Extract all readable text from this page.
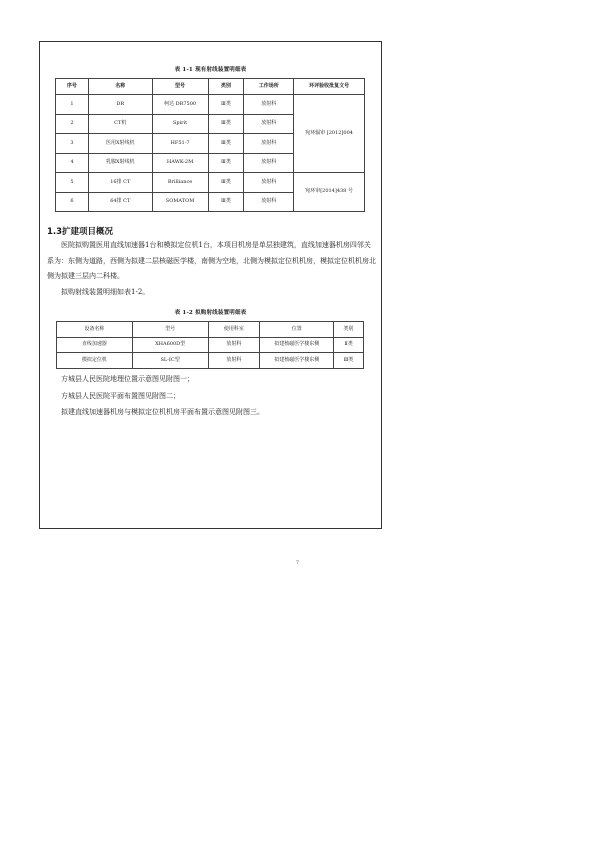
表 1-1 现有射线装置明细表
序号	名称	型号	类别	工作场所	环评验收批复文号
1	DR	柯达 DR7500	Ⅲ类	放射科	宛环辐审 [2012]004
2	CT机	Spirit	Ⅲ类	放射科	
3	医用X射线机	HF51-7	Ⅲ类	放射科	
4	乳腺X射线机	HAWK-2M	Ⅲ类	放射科	
5	16排 CT	Brilliance	Ⅲ类	放射科	宛环审[2014]438 号
6	64排 CT	SOMATOM	Ⅲ类	放射科	
1.3扩建项目概况
医院拟购置医用直线加速器1台和模拟定位机1台，本项目机房是单层独建筑，直线加速器机房四邻关系为：东侧为道路，西侧为拟建二层核磁医学楼，南侧为空地，北侧为模拟定位机机房，模拟定位机机房北侧为拟建三层内二科楼。
拟购射线装置明细如表1-2。
表 1-2 拟购射线装置明细表
设备名称	型号	使用科室	位置	类别
直线加速器	XHA600D型	放射科	拟建核磁医学楼东侧	Ⅱ类
模拟定位机	SL-IC型	放射科	拟建核磁医学楼东侧	Ⅲ类
方城县人民医院地理位置示意图见附图一；
方城县人民医院平面布置图见附图二；
拟建直线加速器机房与模拟定位机机房平面布置示意图见附图三。
7
